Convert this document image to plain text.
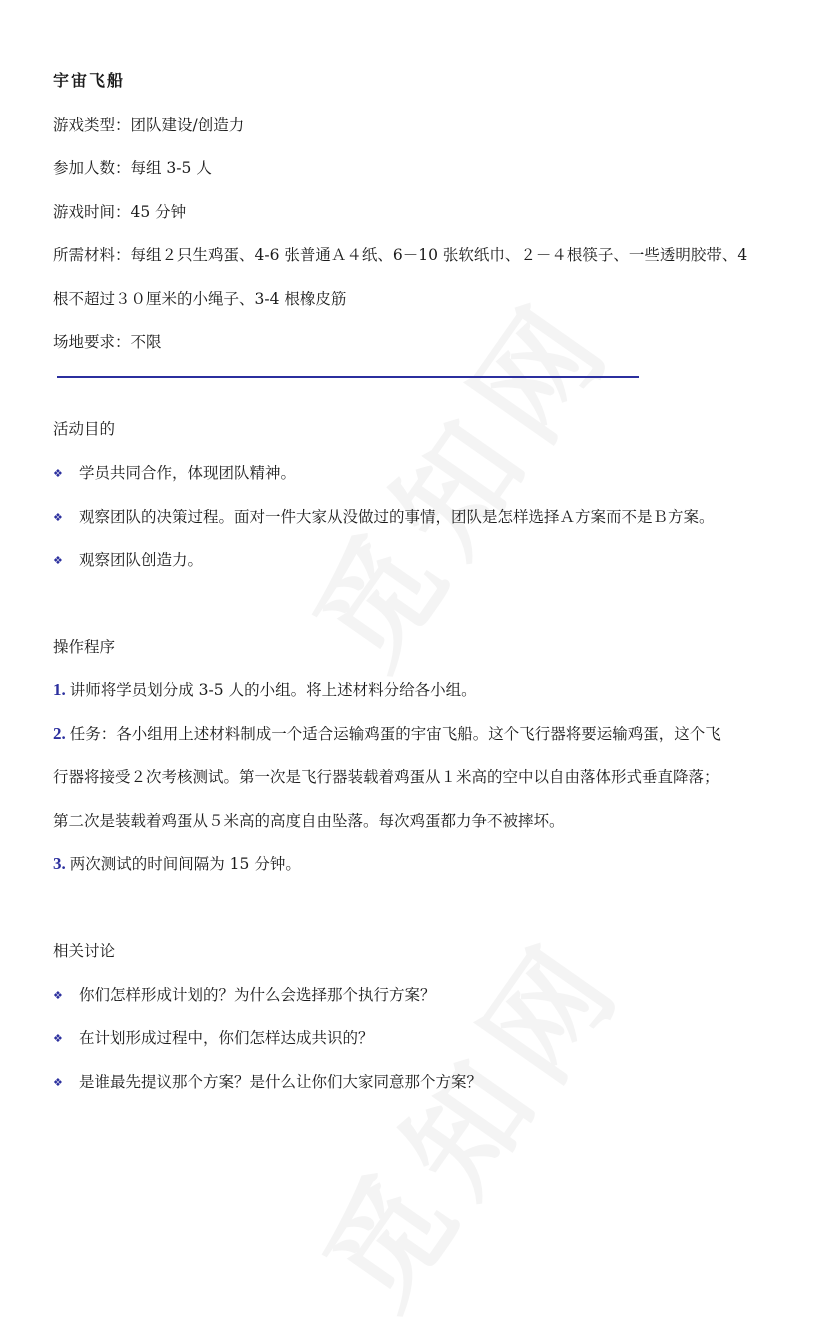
宇宙飞船
游戏类型：团队建设/创造力
参加人数：每组 3-5 人
游戏时间：45 分钟
所需材料：每组２只生鸡蛋、4-6 张普通Ａ４纸、6－10 张软纸巾、２－４根筷子、一些透明胶带、4
根不超过３０厘米的小绳子、3-4 根橡皮筋
场地要求：不限
活动目的
❖ 学员共同合作，体现团队精神。
❖ 观察团队的决策过程。面对一件大家从没做过的事情，团队是怎样选择Ａ方案而不是Ｂ方案。
❖ 观察团队创造力。
操作程序
1. 讲师将学员划分成 3-5 人的小组。将上述材料分给各小组。
2. 任务：各小组用上述材料制成一个适合运输鸡蛋的宇宙飞船。这个飞行器将要运输鸡蛋，这个飞
行器将接受２次考核测试。第一次是飞行器装载着鸡蛋从１米高的空中以自由落体形式垂直降落；
第二次是装载着鸡蛋从５米高的高度自由坠落。每次鸡蛋都力争不被摔坏。
3. 两次测试的时间间隔为 15 分钟。
相关讨论
❖ 你们怎样形成计划的？为什么会选择那个执行方案？
❖ 在计划形成过程中，你们怎样达成共识的？
❖ 是谁最先提议那个方案？是什么让你们大家同意那个方案？
